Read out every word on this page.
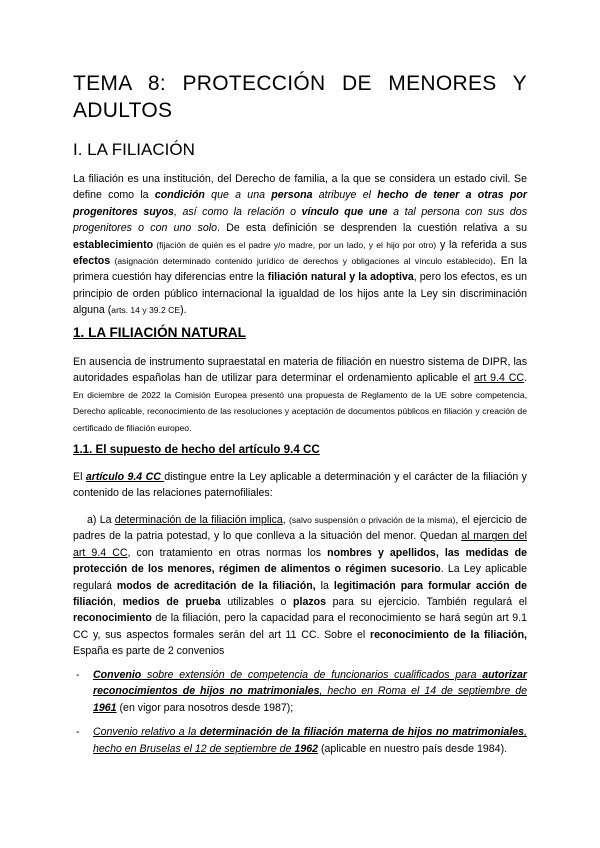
TEMA 8: PROTECCIÓN DE MENORES Y
ADULTOS
I. LA FILIACIÓN

La filiación es una institución, del Derecho de familia, a la que se considera un estado civil. Se define como la condición que a una persona atribuye el hecho de tener a otras por progenitores suyos, así como la relación o vínculo que une a tal persona con sus dos progenitores o con uno solo. De esta definición se desprenden la cuestión relativa a su establecimiento (fijación de quién es el padre y/o madre, por un lado, y el hijo por otro) y la referida a sus efectos (asignación determinado contenido jurídico de derechos y obligaciones al vínculo establecido). En la primera cuestión hay diferencias entre la filiación natural y la adoptiva, pero los efectos, es un principio de orden público internacional la igualdad de los hijos ante la Ley sin discriminación alguna (arts. 14 y 39.2 CE).

1. LA FILIACIÓN NATURAL

En ausencia de instrumento supraestatal en materia de filiación en nuestro sistema de DIPR, las autoridades españolas han de utilizar para determinar el ordenamiento aplicable el art 9.4 CC. En diciembre de 2022 la Comisión Europea presentó una propuesta de Reglamento de la UE sobre competencia, Derecho aplicable, reconocimiento de las resoluciones y aceptación de documentos públicos en filiación y creación de certificado de filiación europeo.

1.1. El supuesto de hecho del artículo 9.4 CC

El artículo 9.4 CC distingue entre la Ley aplicable a determinación y el carácter de la filiación y contenido de las relaciones paternofiliales:

a) La determinación de la filiación implica, (salvo suspensión o privación de la misma), el ejercicio de padres de la patria potestad, y lo que conlleva a la situación del menor. Quedan al margen del art 9.4 CC, con tratamiento en otras normas los nombres y apellidos, las medidas de protección de los menores, régimen de alimentos o régimen sucesorio. La Ley aplicable regulará modos de acreditación de la filiación, la legitimación para formular acción de filiación, medios de prueba utilizables o plazos para su ejercicio. También regulará el reconocimiento de la filiación, pero la capacidad para el reconocimiento se hará según art 9.1 CC y, sus aspectos formales serán del art 11 CC. Sobre el reconocimiento de la filiación, España es parte de 2 convenios

- Convenio sobre extensión de competencia de funcionarios cualificados para autorizar reconocimientos de hijos no matrimoniales, hecho en Roma el 14 de septiembre de 1961 (en vigor para nosotros desde 1987);
- Convenio relativo a la determinación de la filiación materna de hijos no matrimoniales, hecho en Bruselas el 12 de septiembre de 1962 (aplicable en nuestro país desde 1984).
